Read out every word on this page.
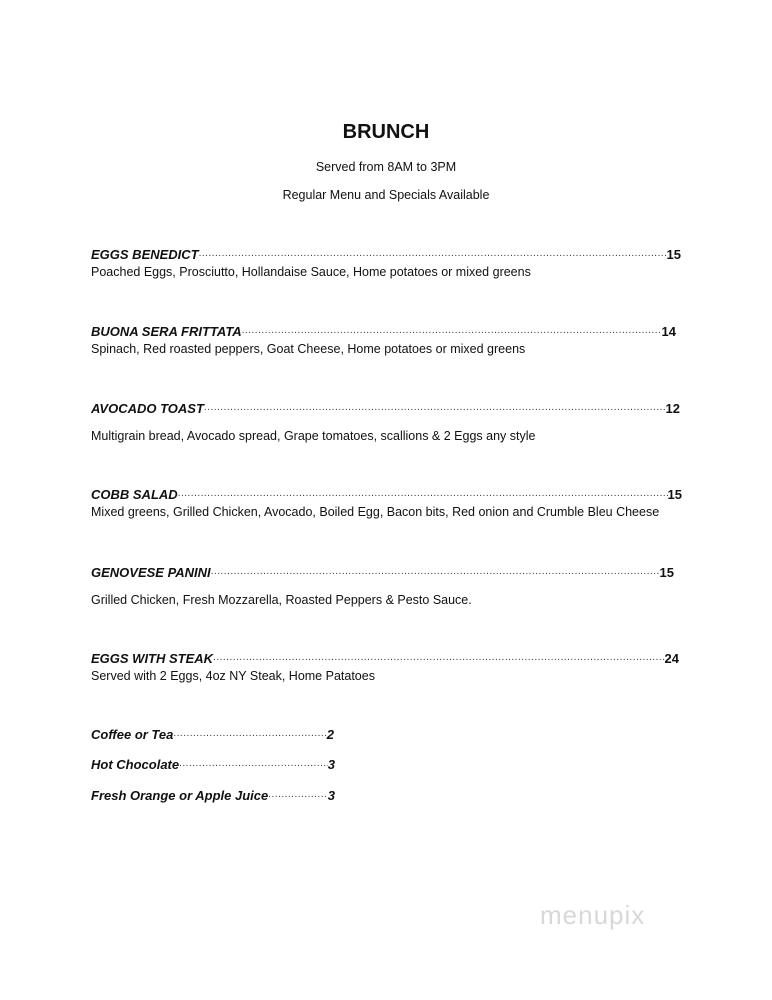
BRUNCH
Served from 8AM to 3PM
Regular Menu and Specials Available
EGGS BENEDICT .....	15
Poached Eggs, Prosciutto, Hollandaise Sauce, Home potatoes or mixed greens
BUONA SERA FRITTATA .....	14
Spinach, Red roasted peppers, Goat Cheese, Home potatoes or mixed greens
AVOCADO TOAST .....	12
Multigrain bread, Avocado spread, Grape tomatoes, scallions & 2 Eggs any style
COBB SALAD .....	15
Mixed greens, Grilled Chicken, Avocado, Boiled Egg, Bacon bits, Red onion and Crumble Bleu Cheese
GENOVESE PANINI .....	15
Grilled Chicken, Fresh Mozzarella, Roasted Peppers & Pesto Sauce.
EGGS WITH STEAK .....	24
Served with 2 Eggs, 4oz NY Steak, Home Patatoes
Coffee or Tea .....	2
Hot Chocolate .....	3
Fresh Orange or Apple Juice .....	3
menupix
